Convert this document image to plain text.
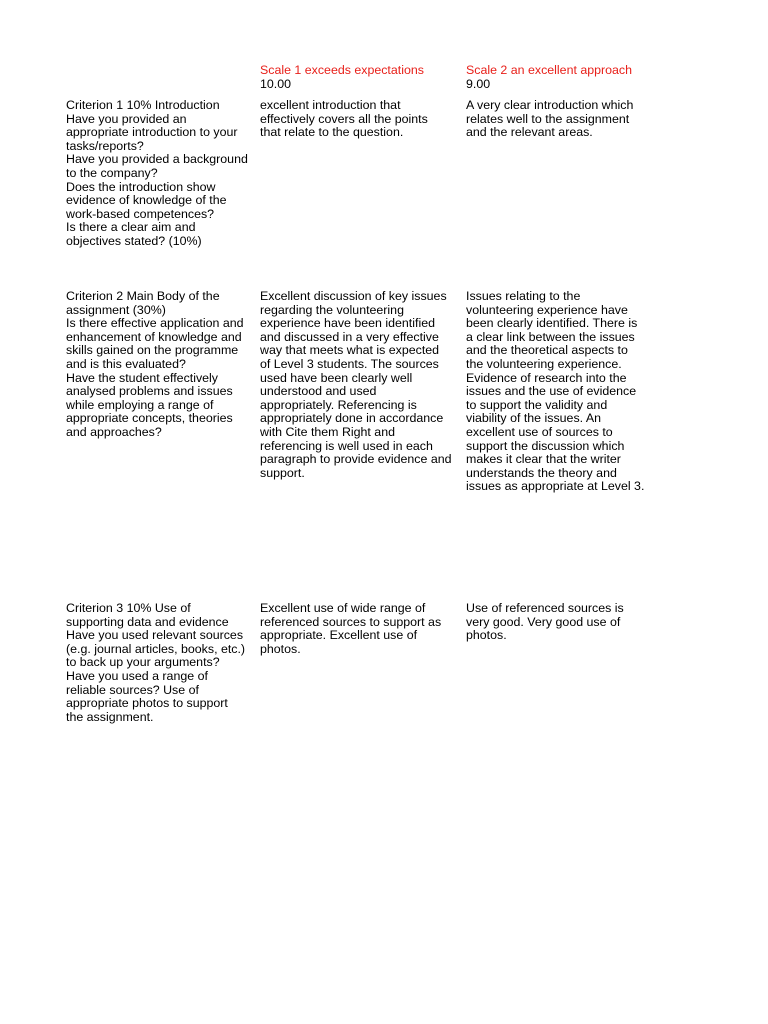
Scale 1 exceeds expectations
10.00
Scale 2 an excellent approach
9.00
Criterion 1 10% Introduction
Have you provided an
appropriate introduction to your
tasks/reports?
Have you provided a background
to the company?
Does the introduction show
evidence of knowledge of the
work-based competences?
Is there a clear aim and
objectives stated? (10%)
excellent introduction that
effectively covers all the points
that relate to the question.
A very clear introduction which
relates well to the assignment
and the relevant areas.
Criterion 2 Main Body of the
assignment (30%)
Is there effective application and
enhancement of knowledge and
skills gained on the programme
and is this evaluated?
Have the student effectively
analysed problems and issues
while employing a range of
appropriate concepts, theories
and approaches?
Excellent discussion of key issues
regarding the volunteering
experience have been identified
and discussed in a very effective
way that meets what is expected
of Level 3 students. The sources
used have been clearly well
understood and used
appropriately. Referencing is
appropriately done in accordance
with Cite them Right and
referencing is well used in each
paragraph to provide evidence and
support.
Issues relating to the
volunteering experience have
been clearly identified. There is
a clear link between the issues
and the theoretical aspects to
the volunteering experience.
Evidence of research into the
issues and the use of evidence
to support the validity and
viability of the issues. An
excellent use of sources to
support the discussion which
makes it clear that the writer
understands the theory and
issues as appropriate at Level 3.
Criterion 3 10% Use of
supporting data and evidence
Have you used relevant sources
(e.g. journal articles, books, etc.)
to back up your arguments?
Have you used a range of
reliable sources? Use of
appropriate photos to support
the assignment.
Excellent use of wide range of
referenced sources to support as
appropriate. Excellent use of
photos.
Use of referenced sources is
very good. Very good use of
photos.
